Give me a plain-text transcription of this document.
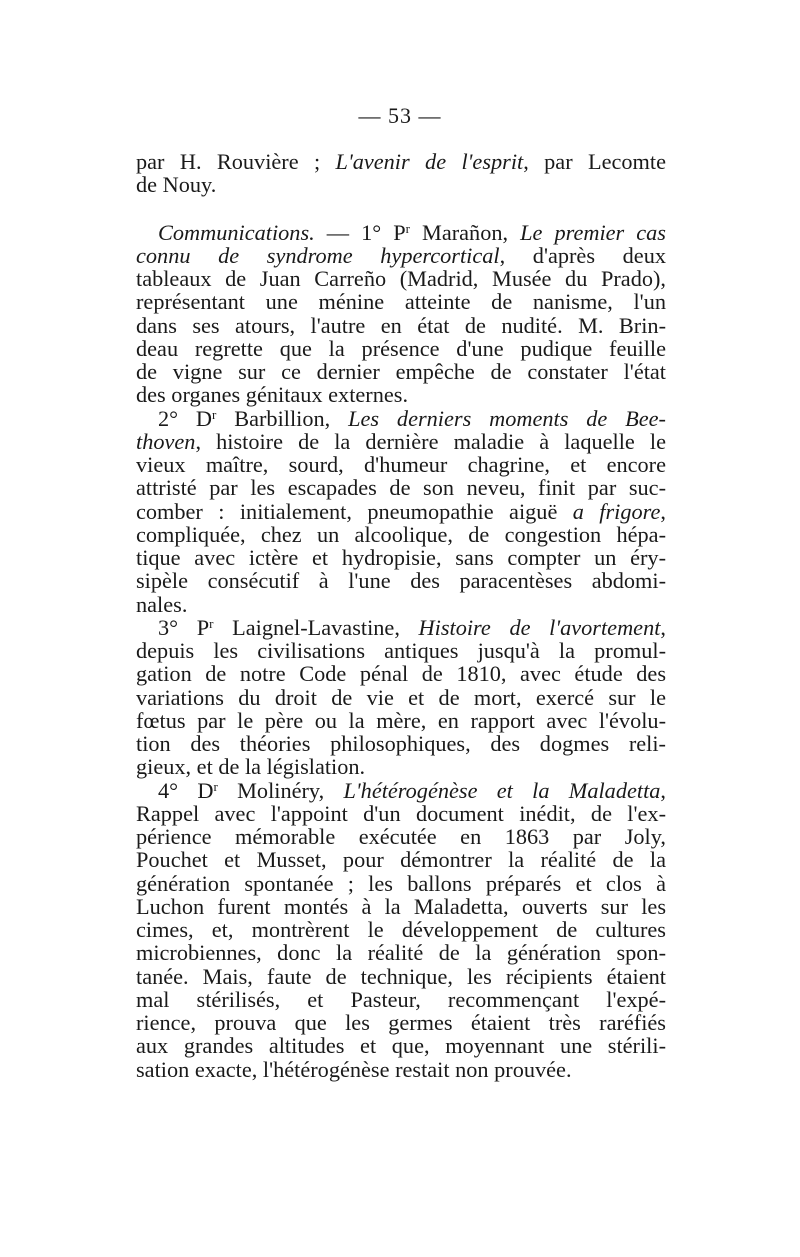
— 53 —

par H. Rouvière ; L'avenir de l'esprit, par Lecomte
de Nouy.

Communications. — 1° $P^r$ Marañon, Le premier cas

connu de syndrome hypercortical, d'après deux
tableaux de Juan Carreño (Madrid, Musée du Prado),
représentant une ménine atteinte de nanisme, l'un
dans ses atours, l'autre en état de nudité. M. Brin-
deau regrette que la présence d'une pudique feuille
de vigne sur ce dernier empêche de constater l'état
des organes génitaux externes.

2° $D^r$ Barbillion, Les derniers moments de Bee-

thoven, histoire de la dernière maladie à laquelle le
vieux maître, sourd, d'humeur chagrine, et encore
attristé par les escapades de son neveu, finit par suc-
comber : initialement, pneumopathie aiguë a frigore,
compliquée, chez un alcoolique, de congestion hépa-
tique avec ictère et hydropisie, sans compter un éry-
sipèle consécutif à l'une des paracentèses abdomi-
nales.

3° $P^r$ Laignel-Lavastine, Histoire de l'avortement,

depuis les civilisations antiques jusqu'à la promul-
gation de notre Code pénal de 1810, avec étude des
variations du droit de vie et de mort, exercé sur le
fœtus par le père ou la mère, en rapport avec l'évolu-
tion des théories philosophiques, des dogmes reli-
gieux, et de la législation.

4° $D^r$ Molinéry, L'hétérogénèse et la Maladetta,

Rappel avec l'appoint d'un document inédit, de l'ex-
périence mémorable exécutée en 1863 par Joly,
Pouchet et Musset, pour démontrer la réalité de la
génération spontanée ; les ballons préparés et clos à
Luchon furent montés à la Maladetta, ouverts sur les
cimes, et, montrèrent le développement de cultures
microbiennes, donc la réalité de la génération spon-
tanée. Mais, faute de technique, les récipients étaient
mal stérilisés, et Pasteur, recommençant l'expé-
rience, prouva que les germes étaient très raréfiés
aux grandes altitudes et que, moyennant une stérili-
sation exacte, l'hétérogénèse restait non prouvée.
